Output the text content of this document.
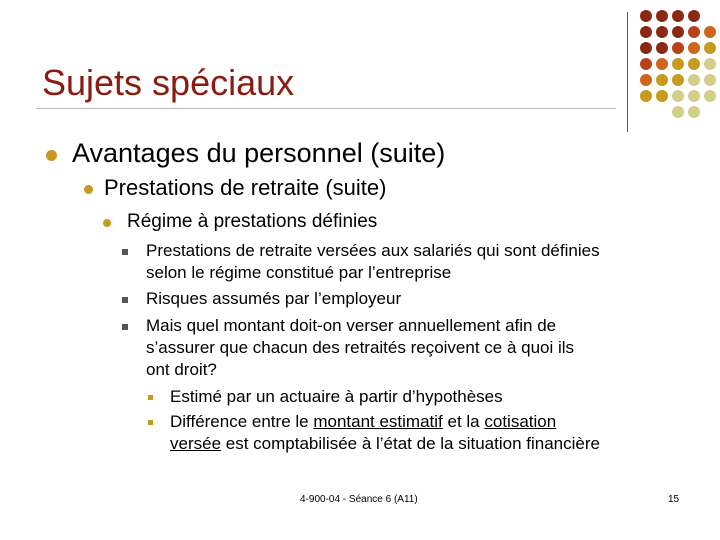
Sujets spéciaux
Avantages du personnel (suite)
Prestations de retraite (suite)
Régime à prestations définies
Prestations de retraite versées aux salariés qui sont définies
selon le régime constitué par l’entreprise
Risques assumés par l’employeur
Mais quel montant doit-on verser annuellement afin de
s’assurer que chacun des retraités reçoivent ce à quoi ils
ont droit?
Estimé par un actuaire à partir d’hypothèses
Différence entre le montant estimatif et la cotisation
versée est comptabilisée à l’état de la situation financière
4-900-04 - Séance 6 (A11)	15
